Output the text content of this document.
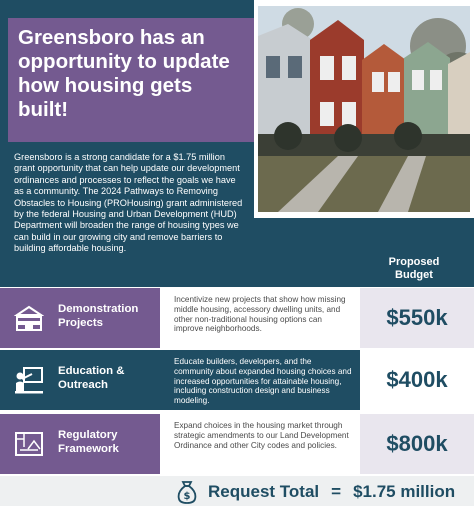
Greensboro has an opportunity to update how housing gets built!

Greensboro is a strong candidate for a $1.75 million grant opportunity that can help update our development ordinances and processes to reflect the goals we have as a community. The 2024 Pathways to Removing Obstacles to Housing (PROHousing) grant administered by the federal Housing and Urban Development (HUD) Department will broaden the range of housing types we can build in our growing city and remove barriers to building affordable housing.

Proposed Budget
Demonstration Projects
Incentivize new projects that show how missing middle housing, accessory dwelling units, and other non-traditional housing options can improve neighborhoods.	$550k
Education & Outreach
Educate builders, developers, and the community about expanded housing choices and increased opportunities for attainable housing, including construction design and business modeling.
$400k
Regulatory Framework
Expand choices in the housing market through strategic amendments to our Land Development Ordinance and other City codes and policies.	$800k
$ Request Total = $1.75 million
